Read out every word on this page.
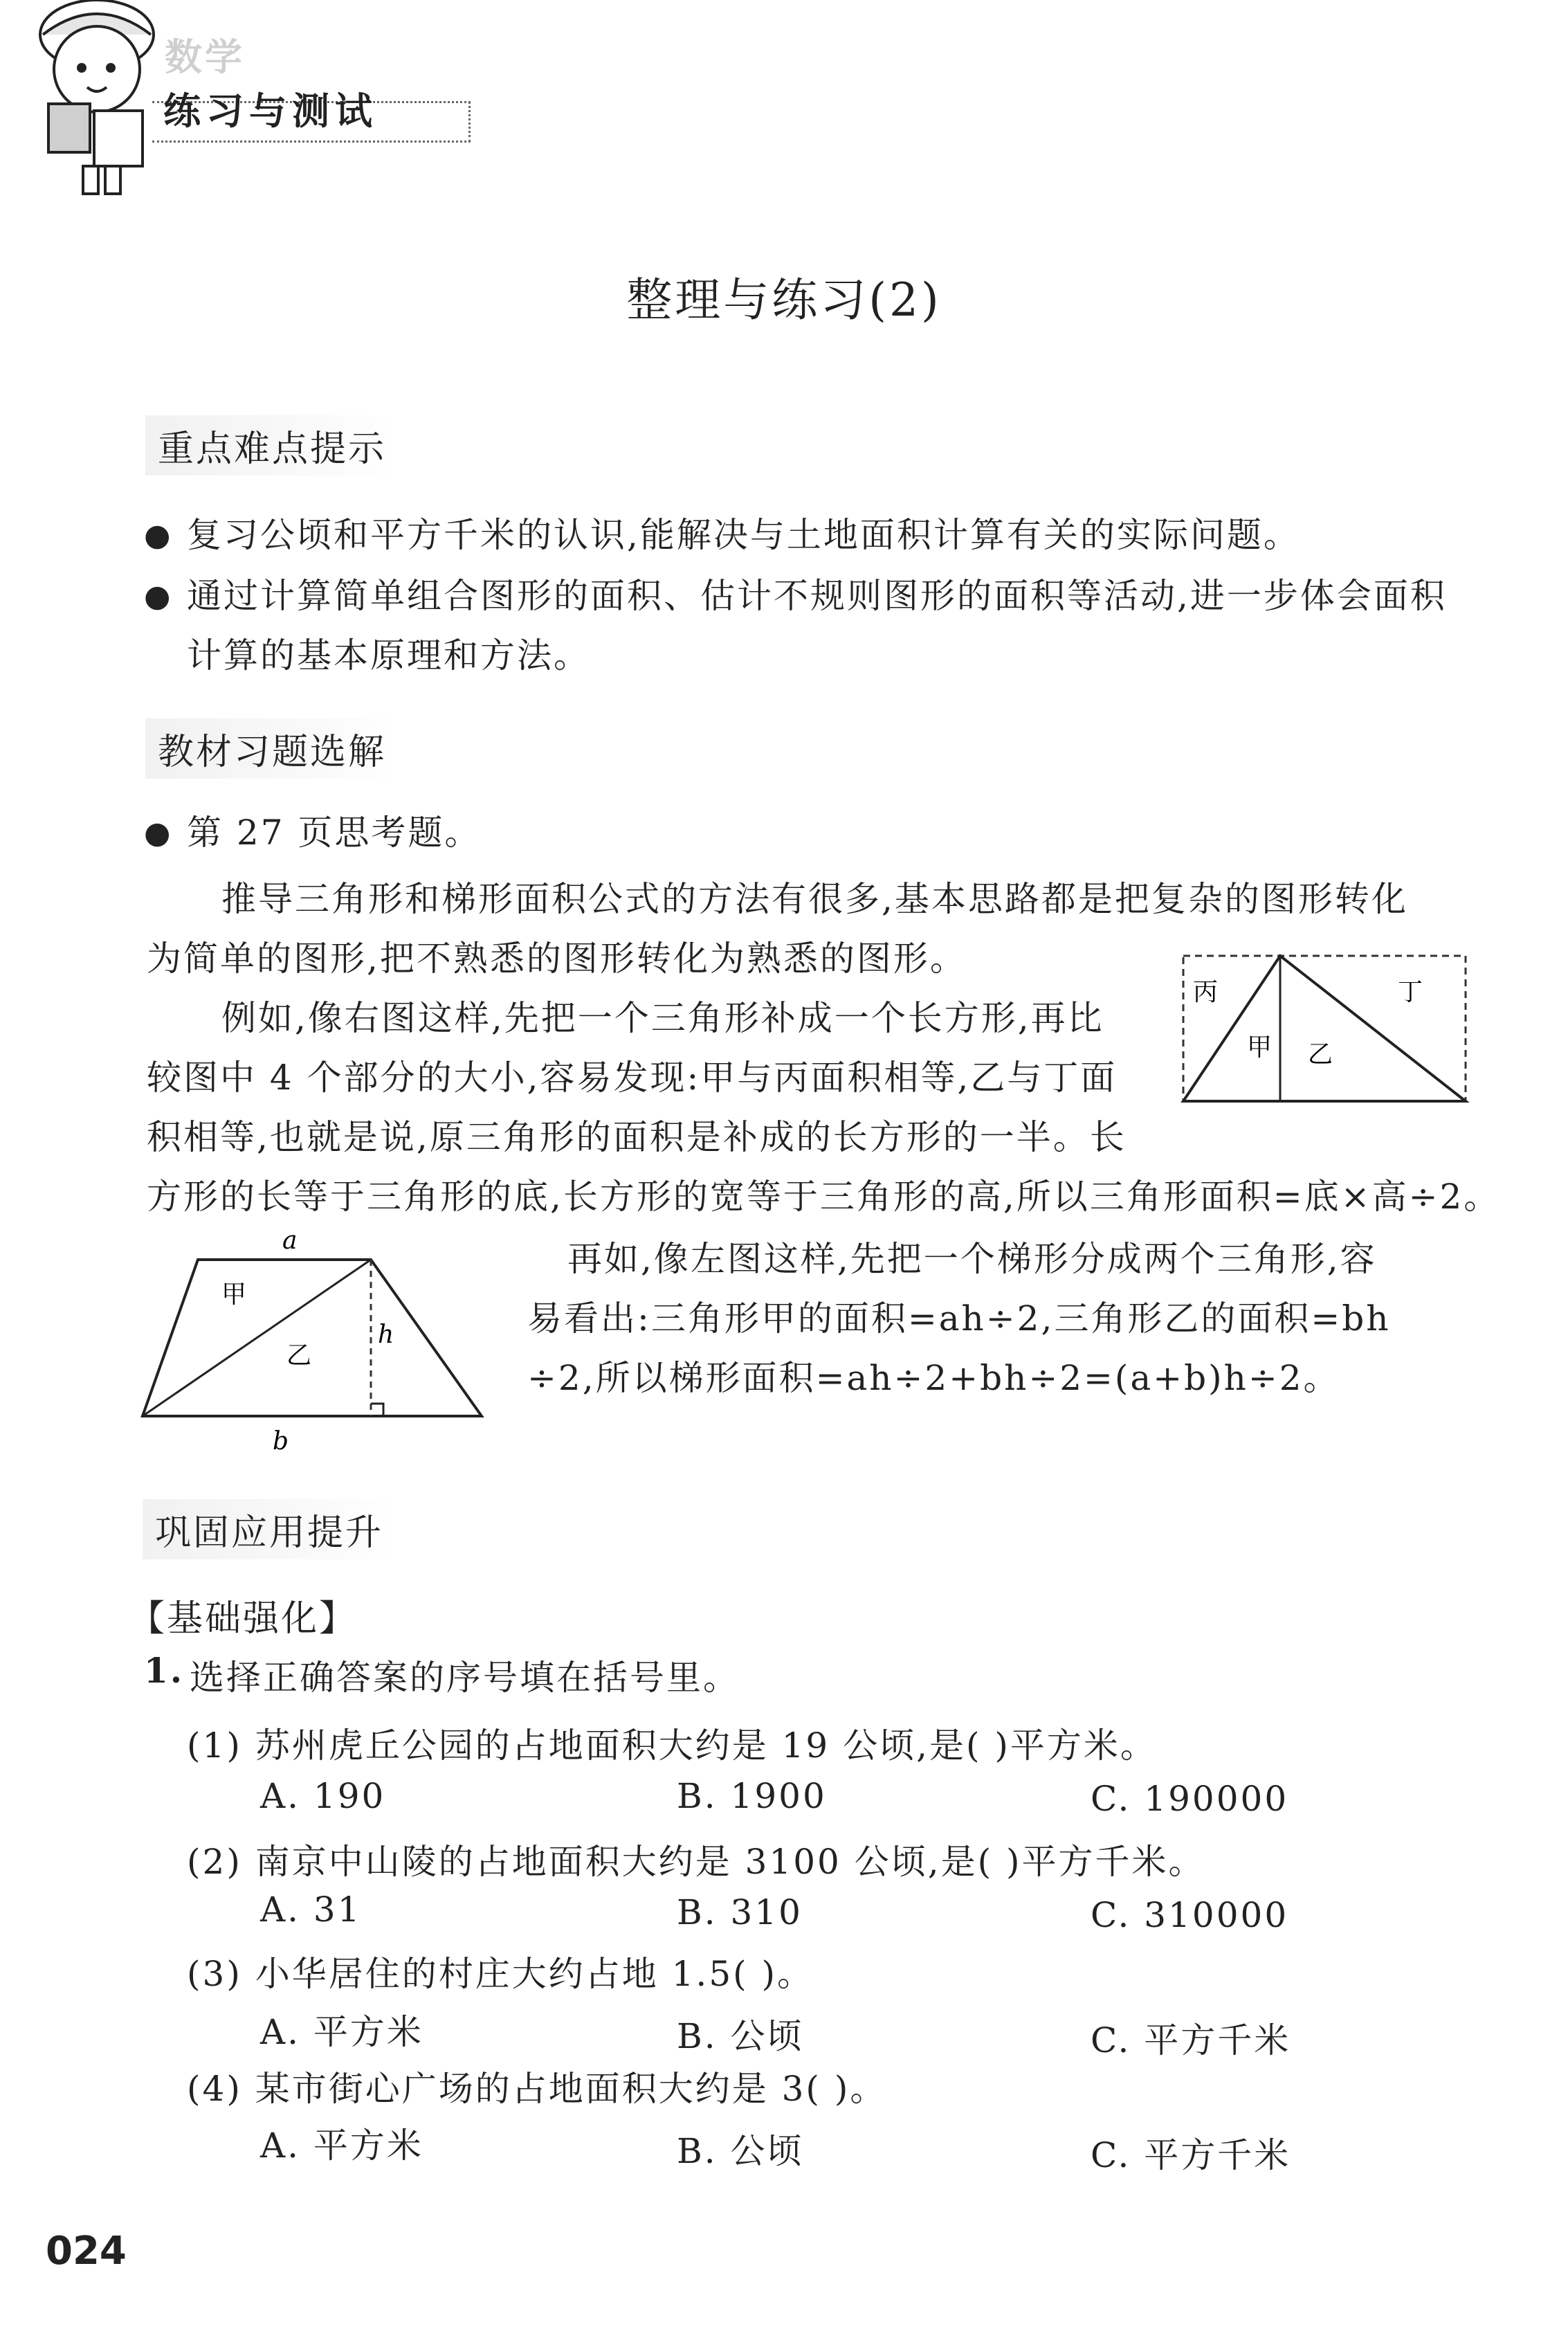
数学
练习与测试
整理与练习(2)
重点难点提示
● 复习公顷和平方千米的认识,能解决与土地面积计算有关的实际问题。
● 通过计算简单组合图形的面积、估计不规则图形的面积等活动,进一步体会面积
计算的基本原理和方法。
教材习题选解
● 第 27 页思考题。
推导三角形和梯形面积公式的方法有很多,基本思路都是把复杂的图形转化
为简单的图形,把不熟悉的图形转化为熟悉的图形。
例如,像右图这样,先把一个三角形补成一个长方形,再比
较图中 4 个部分的大小,容易发现:甲与丙面积相等,乙与丁面
积相等,也就是说,原三角形的面积是补成的长方形的一半。长
方形的长等于三角形的底,长方形的宽等于三角形的高,所以三角形面积=底×高÷2。
丙	丁
甲 乙
a
甲
乙
h
b
再如,像左图这样,先把一个梯形分成两个三角形,容
易看出:三角形甲的面积=ah÷2,三角形乙的面积=bh
÷2,所以梯形面积=ah÷2+bh÷2=(a+b)h÷2。
巩固应用提升
【基础强化】
1. 选择正确答案的序号填在括号里。
(1) 苏州虎丘公园的占地面积大约是 19 公顷,是( )平方米。
A. 190	B. 1900	C. 190000
(2) 南京中山陵的占地面积大约是 3100 公顷,是( )平方千米。
A. 31	B. 310	C. 310000
(3) 小华居住的村庄大约占地 1.5( )。
A. 平方米	B. 公顷	C. 平方千米
(4) 某市街心广场的占地面积大约是 3( )。
A. 平方米	B. 公顷	C. 平方千米
024
